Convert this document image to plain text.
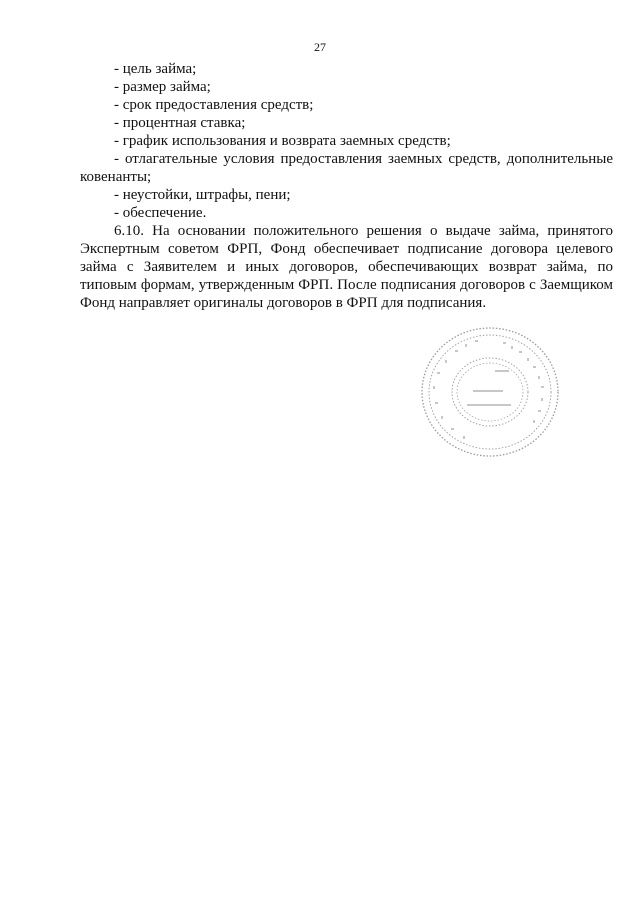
27

- цель займа;

- размер займа;

- срок предоставления средств;

- процентная ставка;

- график использования и возврата заемных средств;

- отлагательные условия предоставления заемных средств, дополнительные ковенанты;

- неустойки, штрафы, пени;

- обеспечение.

6.10. На основании положительного решения о выдаче займа, принятого Экспертным советом ФРП, Фонд обеспечивает подписание договора целевого займа с Заявителем и иных договоров, обеспечивающих возврат займа, по типовым формам, утвержденным ФРП. После подписания договоров с Заемщиком Фонд направляет оригиналы договоров в ФРП для подписания.
